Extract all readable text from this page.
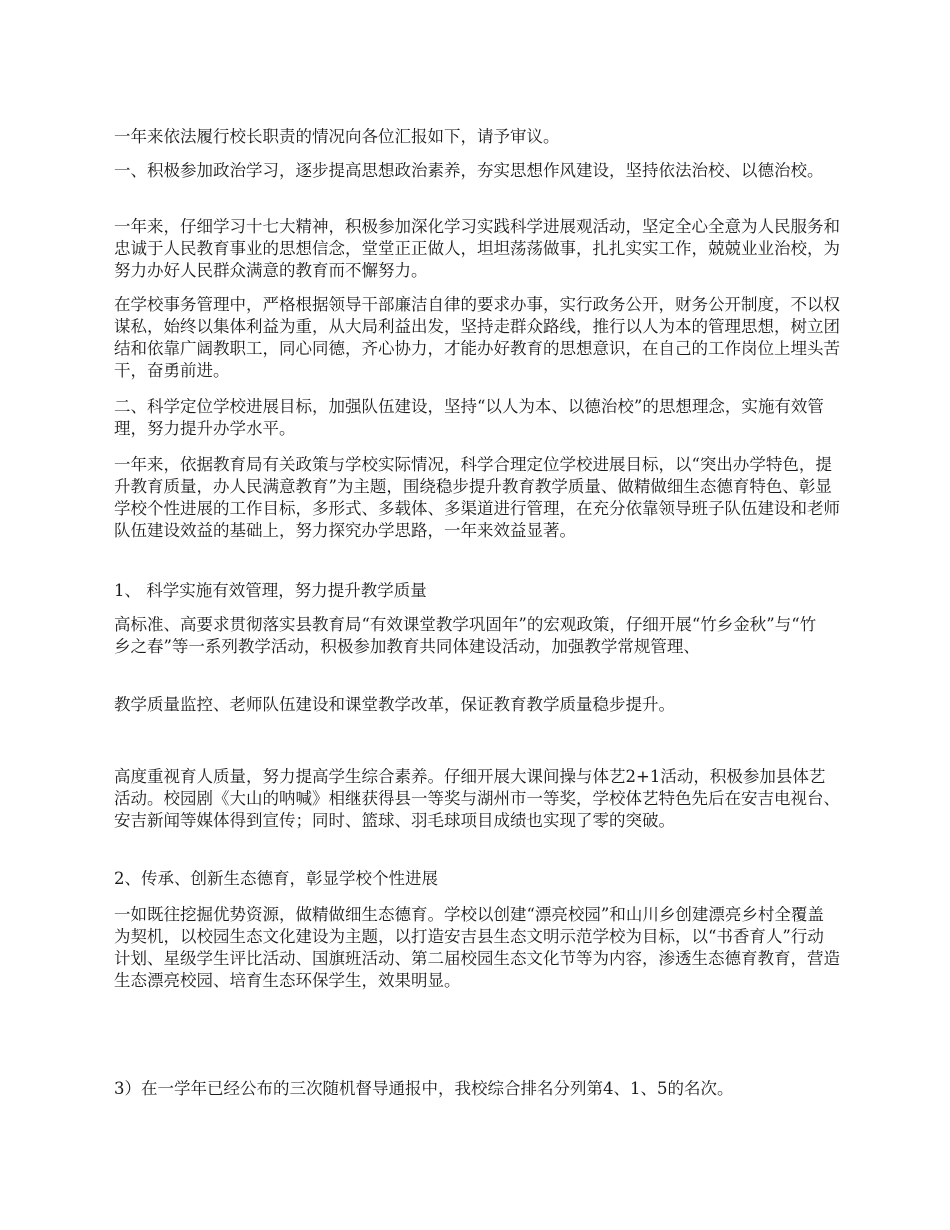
一年来依法履行校长职责的情况向各位汇报如下，请予审议。

一、积极参加政治学习，逐步提高思想政治素养，夯实思想作风建设，坚持依法治校、以德治校。

一年来，仔细学习十七大精神，积极参加深化学习实践科学进展观活动，坚定全心全意为人民服务和忠诚于人民教育事业的思想信念，堂堂正正做人，坦坦荡荡做事，扎扎实实工作，兢兢业业治校，为努力办好人民群众满意的教育而不懈努力。

在学校事务管理中，严格根据领导干部廉洁自律的要求办事，实行政务公开，财务公开制度，不以权谋私，始终以集体利益为重，从大局利益出发，坚持走群众路线，推行以人为本的管理思想，树立团结和依靠广阔教职工，同心同德，齐心协力，才能办好教育的思想意识，在自己的工作岗位上埋头苦干，奋勇前进。

二、科学定位学校进展目标，加强队伍建设，坚持“以人为本、以德治校”的思想理念，实施有效管理，努力提升办学水平。

一年来，依据教育局有关政策与学校实际情况，科学合理定位学校进展目标，以“突出办学特色，提升教育质量，办人民满意教育”为主题，围绕稳步提升教育教学质量、做精做细生态德育特色、彰显学校个性进展的工作目标，多形式、多载体、多渠道进行管理，在充分依靠领导班子队伍建设和老师队伍建设效益的基础上，努力探究办学思路，一年来效益显著。

1、 科学实施有效管理，努力提升教学质量

高标准、高要求贯彻落实县教育局“有效课堂教学巩固年”的宏观政策，仔细开展“竹乡金秋”与“竹乡之春”等一系列教学活动，积极参加教育共同体建设活动，加强教学常规管理、

教学质量监控、老师队伍建设和课堂教学改革，保证教育教学质量稳步提升。

高度重视育人质量，努力提高学生综合素养。仔细开展大课间操与体艺2+1活动，积极参加县体艺活动。校园剧《大山的呐喊》相继获得县一等奖与湖州市一等奖，学校体艺特色先后在安吉电视台、安吉新闻等媒体得到宣传；同时、篮球、羽毛球项目成绩也实现了零的突破。

2、传承、创新生态德育，彰显学校个性进展

一如既往挖掘优势资源，做精做细生态德育。学校以创建“漂亮校园”和山川乡创建漂亮乡村全覆盖为契机，以校园生态文化建设为主题，以打造安吉县生态文明示范学校为目标，以“书香育人”行动计划、星级学生评比活动、国旗班活动、第二届校园生态文化节等为内容，渗透生态德育教育，营造生态漂亮校园、培育生态环保学生，效果明显。

3）在一学年已经公布的三次随机督导通报中，我校综合排名分列第4、1、5的名次。
